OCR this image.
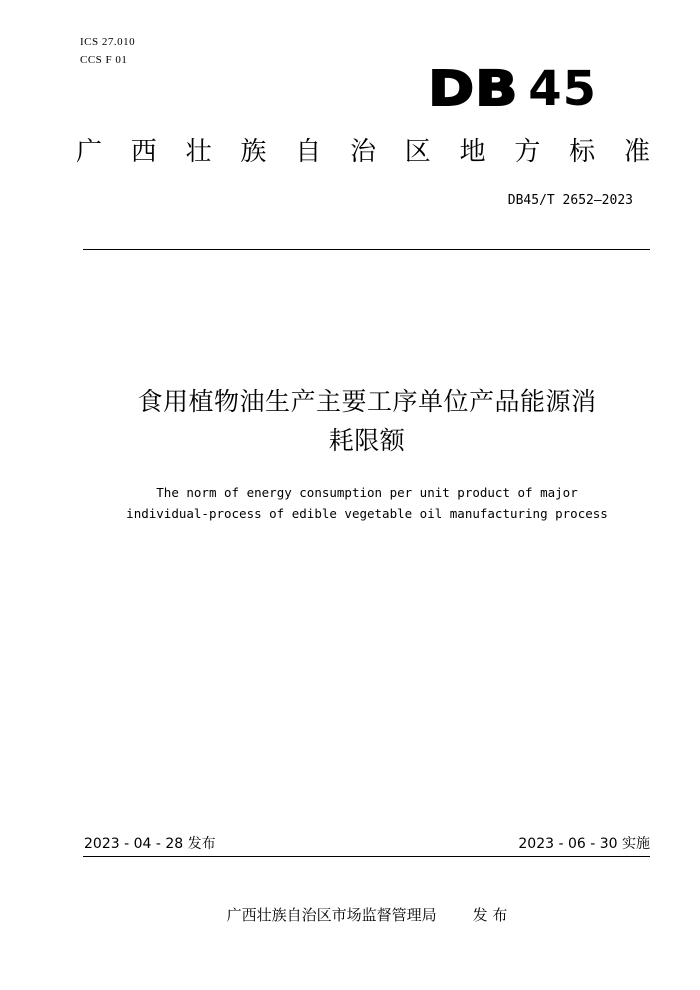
ICS 27.010
CCS F 01
DB 45
广 西 壮 族 自 治 区 地 方 标 准
DB45/T 2652—2023
食用植物油生产主要工序单位产品能源消
耗限额
The norm of energy consumption per unit product of major
individual-process of edible vegetable oil manufacturing process
2023 - 04 - 28 发布	2023 - 06 - 30 实施
广西壮族自治区市场监督管理局 发 布
